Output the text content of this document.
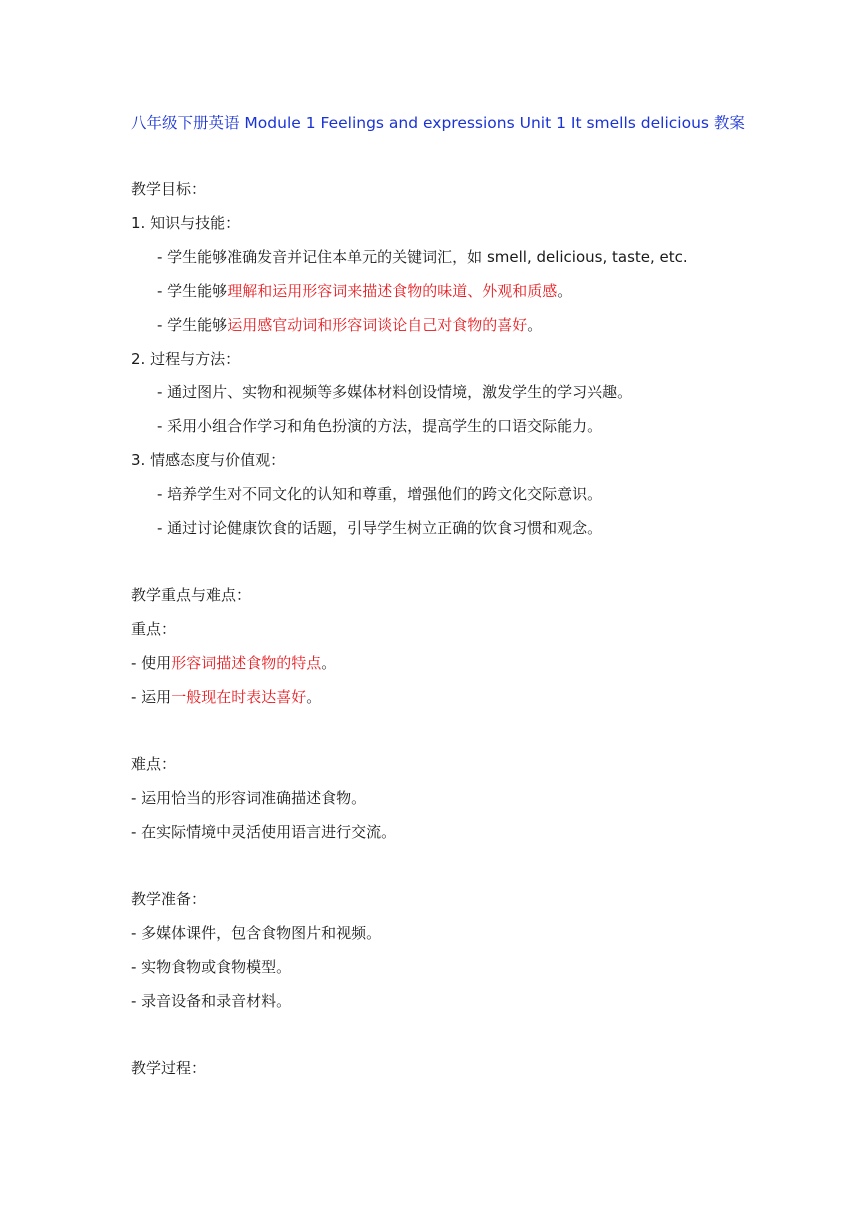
八年级下册英语 Module 1 Feelings and expressions Unit 1 It smells delicious 教案
教学目标：
1. 知识与技能：
- 学生能够准确发音并记住本单元的关键词汇，如 smell, delicious, taste, etc.
- 学生能够理解和运用形容词来描述食物的味道、外观和质感。
- 学生能够运用感官动词和形容词谈论自己对食物的喜好。
2. 过程与方法：
- 通过图片、实物和视频等多媒体材料创设情境，激发学生的学习兴趣。
- 采用小组合作学习和角色扮演的方法，提高学生的口语交际能力。
3. 情感态度与价值观：
- 培养学生对不同文化的认知和尊重，增强他们的跨文化交际意识。
- 通过讨论健康饮食的话题，引导学生树立正确的饮食习惯和观念。
教学重点与难点：
重点：
- 使用形容词描述食物的特点。
- 运用一般现在时表达喜好。
难点：
- 运用恰当的形容词准确描述食物。
- 在实际情境中灵活使用语言进行交流。
教学准备：
- 多媒体课件，包含食物图片和视频。
- 实物食物或食物模型。
- 录音设备和录音材料。
教学过程：
